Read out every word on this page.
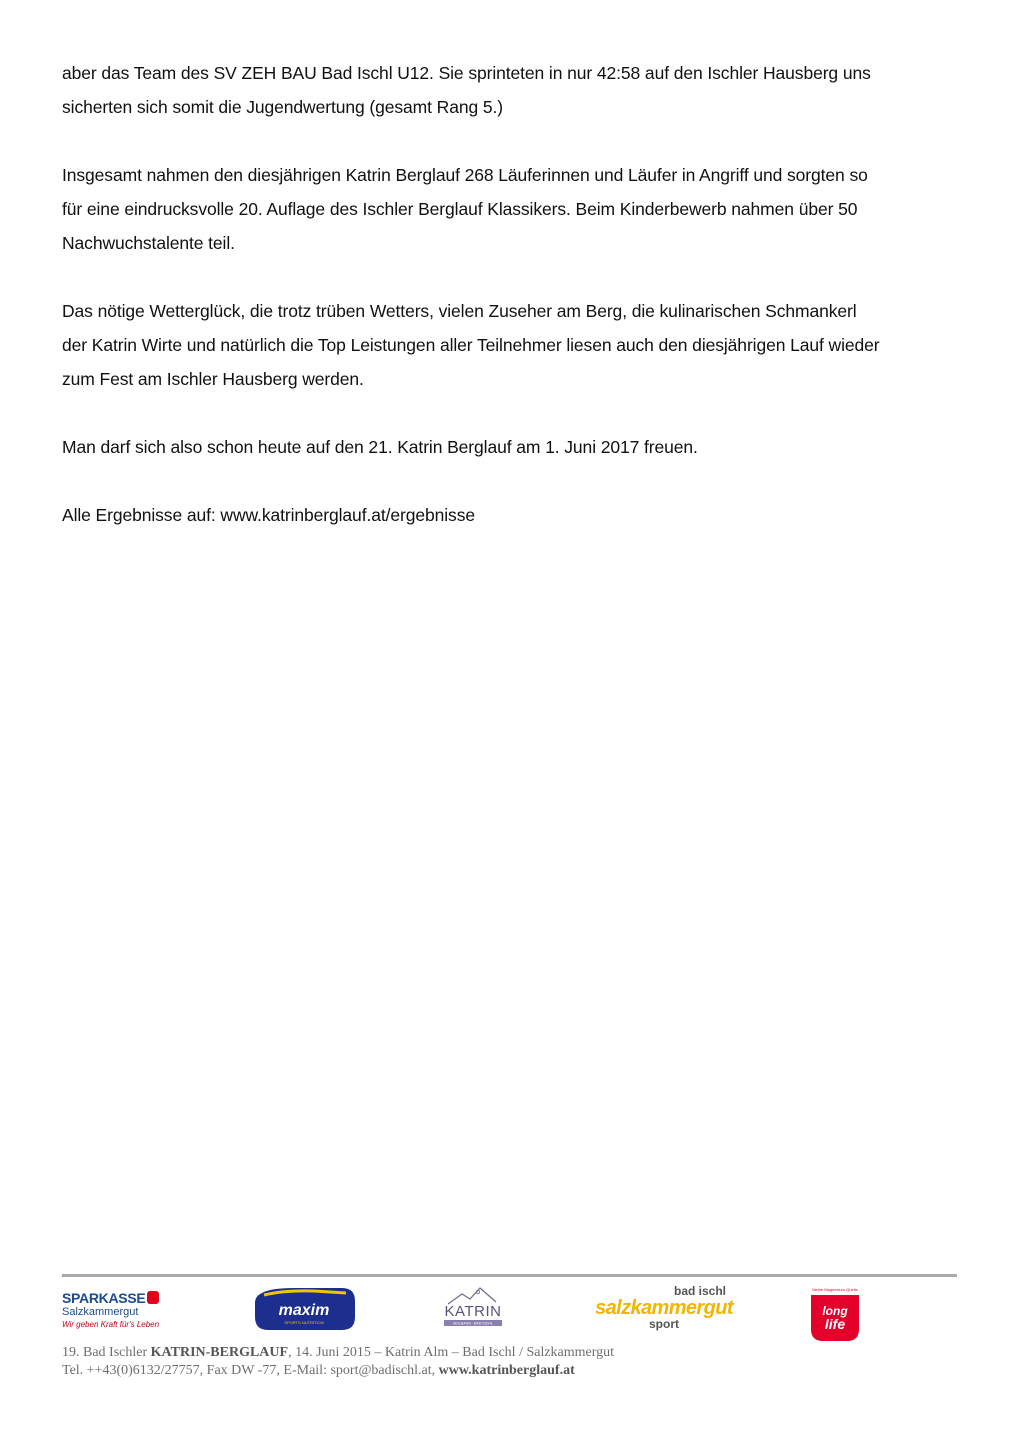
aber das Team des SV ZEH BAU Bad Ischl U12. Sie sprinteten in nur 42:58 auf den Ischler Hausberg uns
sicherten sich somit die Jugendwertung (gesamt Rang 5.)

Insgesamt nahmen den diesjährigen Katrin Berglauf 268 Läuferinnen und Läufer in Angriff und sorgten so
für eine eindrucksvolle 20. Auflage des Ischler Berglauf Klassikers. Beim Kinderbewerb nahmen über 50
Nachwuchstalente teil.

Das nötige Wetterglück, die trotz trüben Wetters, vielen Zuseher am Berg, die kulinarischen Schmankerl
der Katrin Wirte und natürlich die Top Leistungen aller Teilnehmer liesen auch den diesjährigen Lauf wieder
zum Fest am Ischler Hausberg werden.

Man darf sich also schon heute auf den 21. Katrin Berglauf am 1. Juni 2017 freuen.

Alle Ergebnisse auf: www.katrinberglauf.at/ergebnisse

SPARKASSE
Salzkammergut
Wir geben Kraft für's Leben
maxim
SPORTS NUTRITION
KATRIN
SEILBAHN · BAD ISCHL
bad ischl
salzkammergut
sport
Meine Magnesium-Quelle
long
life
19. Bad Ischler KATRIN-BERGLAUF, 14. Juni 2015 – Katrin Alm – Bad Ischl / Salzkammergut
Tel. ++43(0)6132/27757, Fax DW -77, E-Mail: sport@badischl.at, www.katrinberglauf.at
